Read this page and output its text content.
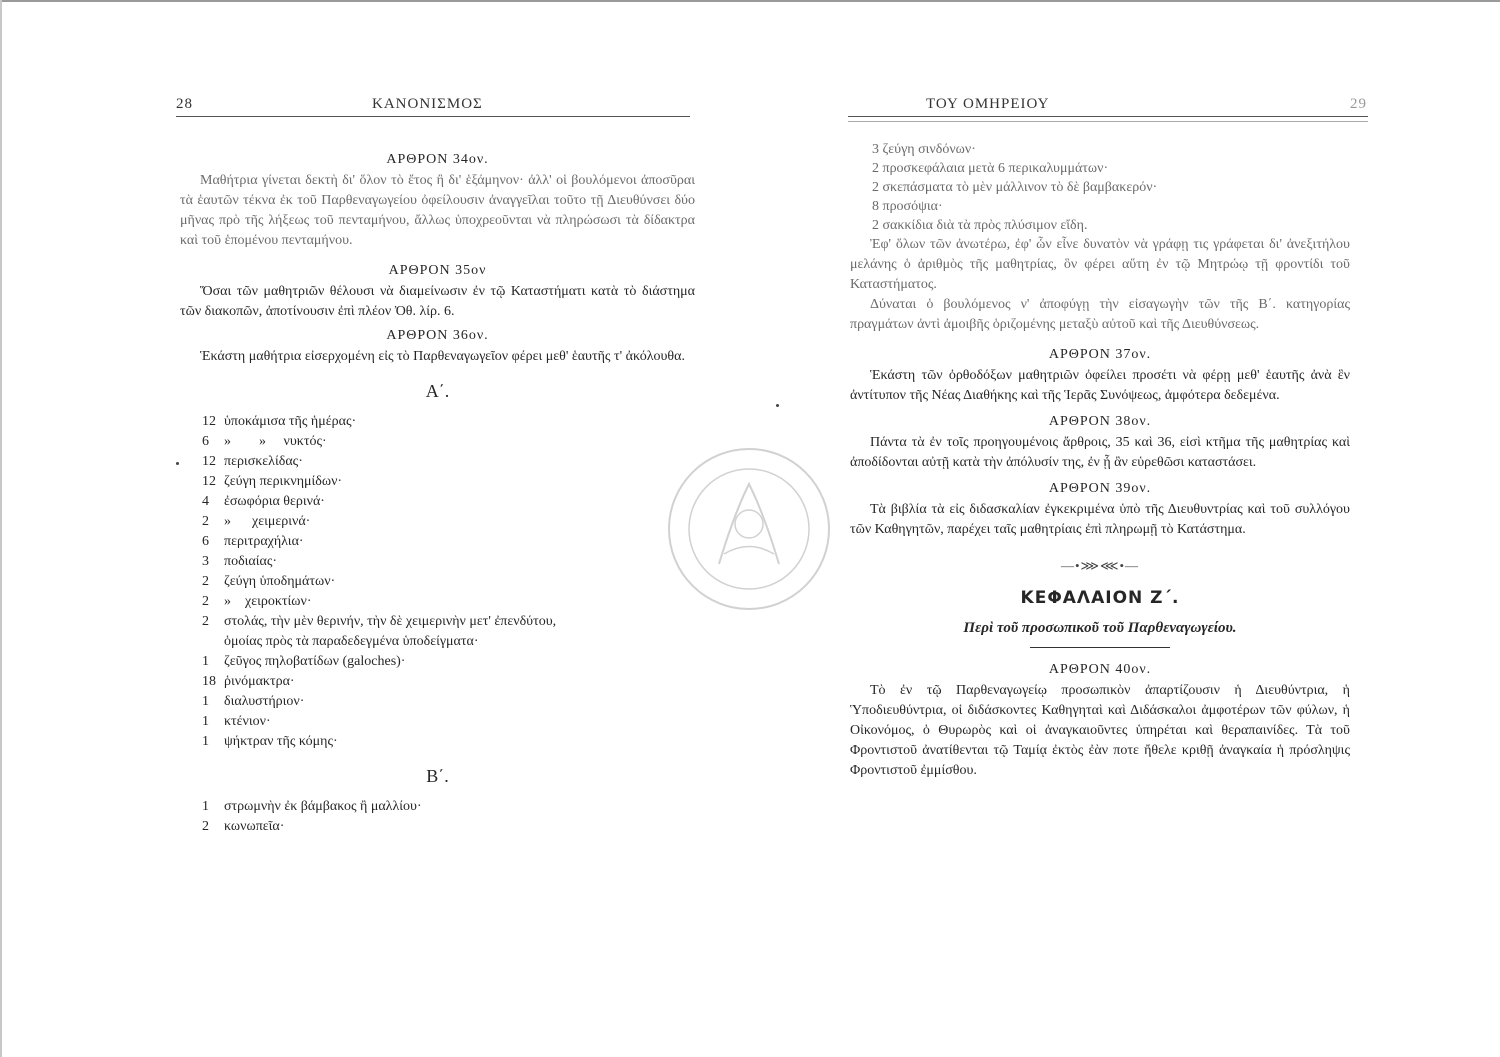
28	ΚΑΝΟΝΙΣΜΟΣ
ΑΡΘΡΟΝ 34ον.

Μαθήτρια γίνεται δεκτὴ δι' ὅλον τὸ ἔτος ἢ δι' ἑξάμηνον· ἀλλ' οἱ βουλόμενοι ἀποσῦραι τὰ ἑαυτῶν τέκνα ἐκ τοῦ Παρθεναγωγείου ὀφείλουσιν ἀναγγεῖλαι τοῦτο τῇ Διευθύνσει δύο μῆνας πρὸ τῆς λήξεως τοῦ πενταμήνου, ἄλλως ὑποχρεοῦνται νὰ πληρώσωσι τὰ δίδακτρα καὶ τοῦ ἑπομένου πενταμήνου.

ΑΡΘΡΟΝ 35ον

Ὅσαι τῶν μαθητριῶν θέλουσι νὰ διαμείνωσιν ἐν τῷ Καταστήματι κατὰ τὸ διάστημα τῶν διακοπῶν, ἀποτίνουσιν ἐπὶ πλέον Ὀθ. λίρ. 6.

ΑΡΘΡΟΝ 36ον.

Ἑκάστη μαθήτρια εἰσερχομένη εἰς τὸ Παρθεναγωγεῖον φέρει μεθ' ἑαυτῆς τ' ἀκόλουθα.

Α΄.
12 ὑποκάμισα τῆς ἡμέρας·
6 »        »     νυκτός·
12 περισκελίδας·
12 ζεύγη περικνημίδων·
4 ἐσωφόρια θερινά·
2 »      χειμερινά·
6 περιτραχήλια·
3 ποδιαίας·
2 ζεύγη ὑποδημάτων·
2 »    χειροκτίων·
2 στολάς, τὴν μὲν θερινήν, τὴν δὲ χειμερινὴν μετ' ἐπενδύτου,
ὁμοίας πρὸς τὰ παραδεδεγμένα ὑποδείγματα·
1 ζεῦγος πηλοβατίδων (galoches)·
18 ῥινόμακτρα·
1 διαλυστήριον·
1 κτένιον·
1 ψήκτραν τῆς κόμης·
Β΄.
1 στρωμνὴν ἐκ βάμβακος ἢ μαλλίου·
2 κωνωπεῖα·
ΤΟΥ ΟΜΗΡΕΙΟΥ	29
3 ζεύγη σινδόνων·
2 προσκεφάλαια μετὰ 6 περικαλυμμάτων·
2 σκεπάσματα τὸ μὲν μάλλινον τὸ δὲ βαμβακερόν·
8 προσόψια·
2 σακκίδια διὰ τὰ πρὸς πλύσιμον εἴδη.

Ἐφ' ὅλων τῶν ἀνωτέρω, ἐφ' ὧν εἶνε δυνατὸν νὰ γράφῃ τις γράφεται δι' ἀνεξιτήλου μελάνης ὁ ἀριθμὸς τῆς μαθητρίας, ὃν φέρει αὕτη ἐν τῷ Μητρώῳ τῇ φροντίδι τοῦ Καταστήματος.

Δύναται ὁ βουλόμενος ν' ἀποφύγῃ τὴν εἰσαγωγὴν τῶν τῆς Β΄. κατηγορίας πραγμάτων ἀντὶ ἀμοιβῆς ὁριζομένης μεταξὺ αὐτοῦ καὶ τῆς Διευθύνσεως.

ΑΡΘΡΟΝ 37ον.

Ἑκάστη τῶν ὀρθοδόξων μαθητριῶν ὀφείλει προσέτι νὰ φέρῃ μεθ' ἑαυτῆς ἀνὰ ἓν ἀντίτυπον τῆς Νέας Διαθήκης καὶ τῆς Ἱερᾶς Συνόψεως, ἀμφότερα δεδεμένα.

ΑΡΘΡΟΝ 38ον.

Πάντα τὰ ἐν τοῖς προηγουμένοις ἄρθροις, 35 καὶ 36, εἰσὶ κτῆμα τῆς μαθητρίας καὶ ἀποδίδονται αὐτῇ κατὰ τὴν ἀπόλυσίν της, ἐν ᾗ ἂν εὑρεθῶσι καταστάσει.

ΑΡΘΡΟΝ 39ον.

Τὰ βιβλία τὰ εἰς διδασκαλίαν ἐγκεκριμένα ὑπὸ τῆς Διευθυντρίας καὶ τοῦ συλλόγου τῶν Καθηγητῶν, παρέχει ταῖς μαθητρίαις ἐπὶ πληρωμῇ τὸ Κατάστημα.

—•⋙⋘•—
ΚΕΦΑΛΑΙΟΝ Ζ΄.
Περὶ τοῦ προσωπικοῦ τοῦ Παρθεναγωγείου.
ΑΡΘΡΟΝ 40ον.

Τὸ ἐν τῷ Παρθεναγωγείῳ προσωπικὸν ἀπαρτίζουσιν ἡ Διευθύντρια, ἡ Ὑποδιευθύντρια, οἱ διδάσκοντες Καθηγηταὶ καὶ Διδάσκαλοι ἀμφοτέρων τῶν φύλων, ἡ Οἰκονόμος, ὁ Θυρωρὸς καὶ οἱ ἀναγκαιοῦντες ὑπηρέται καὶ θεραπαινίδες. Τὰ τοῦ Φροντιστοῦ ἀνατίθενται τῷ Ταμίᾳ ἐκτὸς ἐὰν ποτε ἤθελε κριθῇ ἀναγκαία ἡ πρόσληψις Φροντιστοῦ ἐμμίσθου.
